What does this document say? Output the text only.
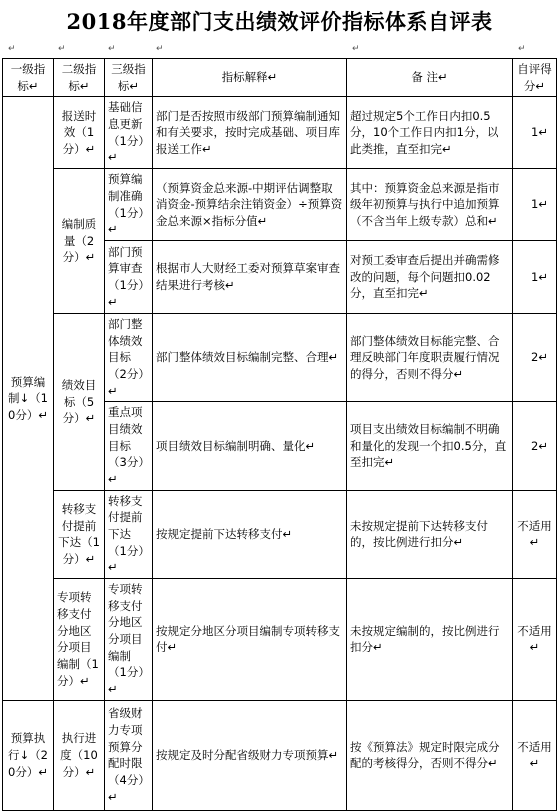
2018年度部门支出绩效评价指标体系自评表
↵	↵	↵	↵	↵	↵
一级指标↵	二级指标↵	三级指标↵	指标解释↵	备 注↵	自评得分↵
预算编制↓（10分）↵	报送时效（1分）↵	基础信息更新（1分）↵	部门是否按照市级部门预算编制通知和有关要求，按时完成基础、项目库报送工作↵	超过规定5个工作日内扣0.5分，10个工作日内扣1分，以此类推，直至扣完↵	1↵
	编制质量（2分）↵	预算编制准确（1分）↵	（预算资金总来源-中期评估调整取消资金-预算结余注销资金）÷预算资金总来源×指标分值↵	其中：预算资金总来源是指市级年初预算与执行中追加预算（不含当年上级专款）总和↵	1↵
		部门预算审查（1分）↵	根据市人大财经工委对预算草案审查结果进行考核↵	对预工委审查后提出并确需修改的问题，每个问题扣0.02分，直至扣完↵	1↵
	绩效目标（5分）↵	部门整体绩效目标（2分）↵	部门整体绩效目标编制完整、合理↵	部门整体绩效目标能完整、合理反映部门年度职责履行情况的得分，否则不得分↵	2↵
		重点项目绩效目标（3分）↵	项目绩效目标编制明确、量化↵	项目支出绩效目标编制不明确和量化的发现一个扣0.5分，直至扣完↵	2↵
	转移支付提前下达（1分）↵	转移支付提前下达（1分）↵	按规定提前下达转移支付↵	未按规定提前下达转移支付的，按比例进行扣分↵	不适用↵
	专项转移支付分地区分项目编制（1分）↵	专项转移支付分地区分项目编制（1分）↵	按规定分地区分项目编制专项转移支付↵	未按规定编制的，按比例进行扣分↵	不适用↵
预算执行↓（20分）↵	执行进度（10分）↵	省级财力专项预算分配时限（4分）↵	按规定及时分配省级财力专项预算↵	按《预算法》规定时限完成分配的考核得分，否则不得分↵	不适用↵
